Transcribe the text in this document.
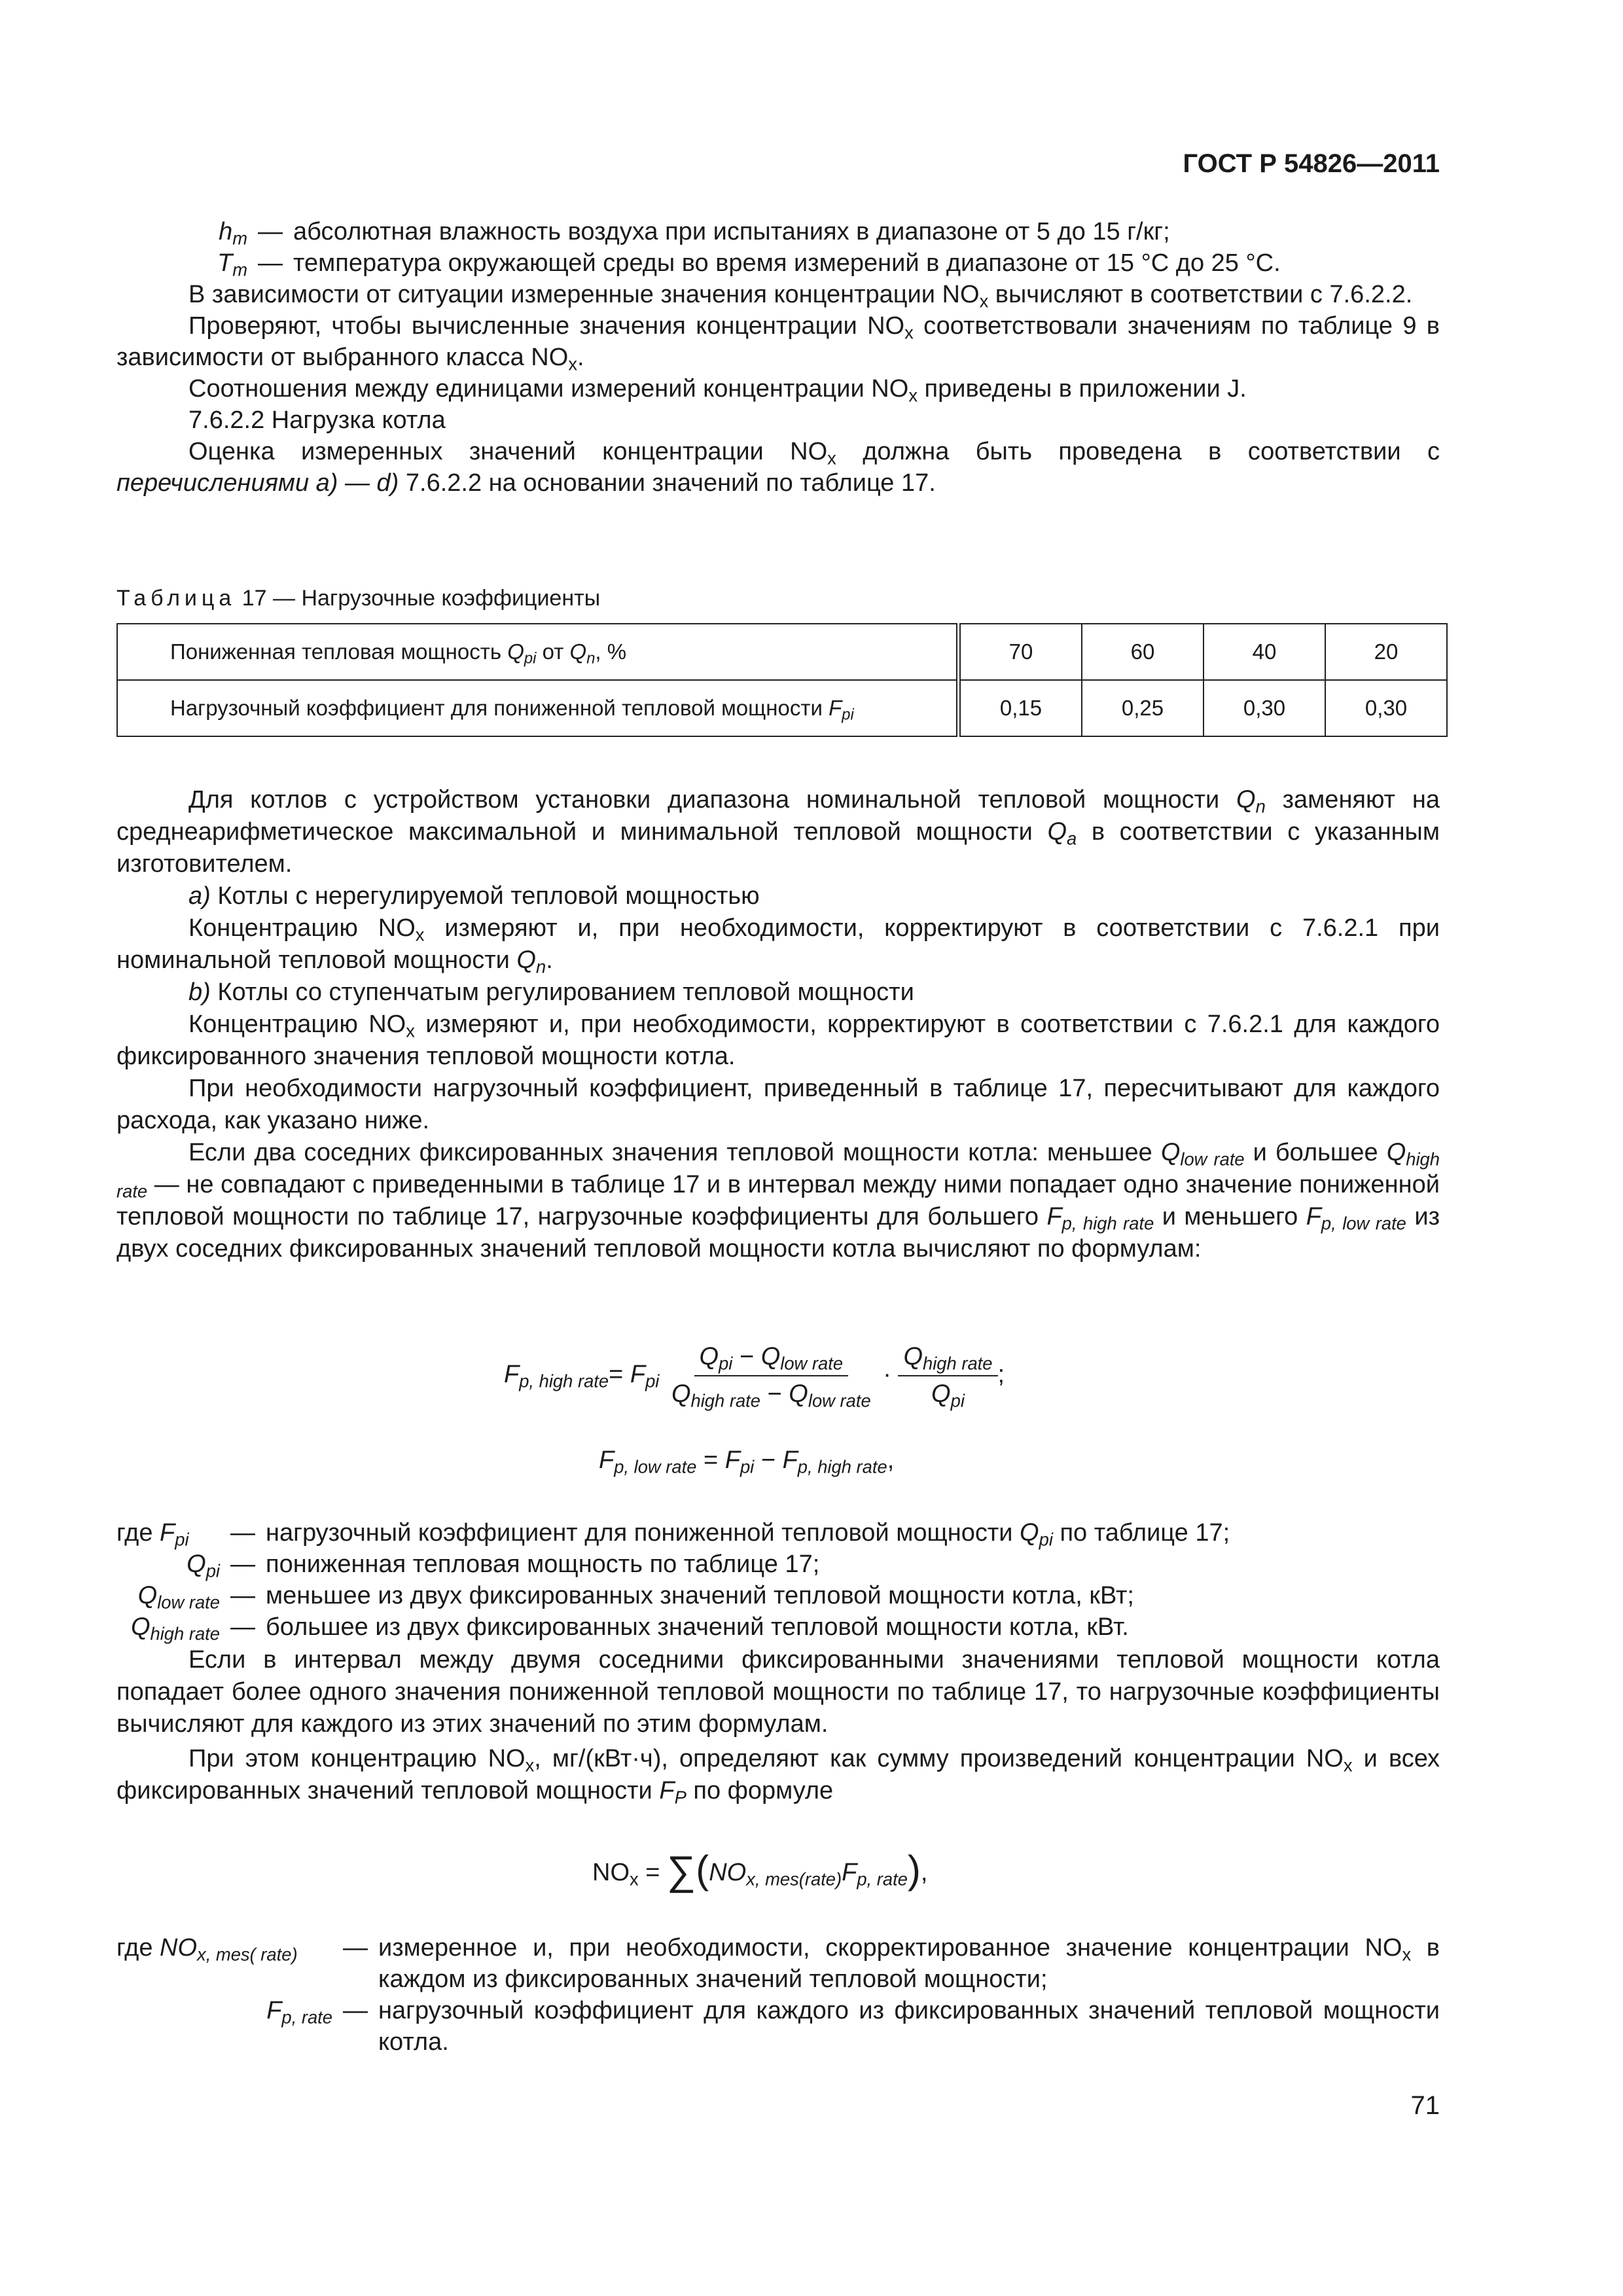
ГОСТ Р 54826—2011
$h_m$ — абсолютная влажность воздуха при испытаниях в диапазоне от 5 до 15 г/кг;
$T_m$ — температура окружающей среды во время измерений в диапазоне от 15 °С до 25 °С.
В зависимости от ситуации измеренные значения концентрации $NO_x$ вычисляют в соответствии с 7.6.2.2.
Проверяют, чтобы вычисленные значения концентрации $NO_x$ соответствовали значениям по таблице 9 в зависимости от выбранного класса $NO_x$.
Соотношения между единицами измерений концентрации $NO_x$ приведены в приложении J.
7.6.2.2 Нагрузка котла
Оценка измеренных значений концентрации $NO_x$ должна быть проведена в соответствии с перечислениями а) — d) 7.6.2.2 на основании значений по таблице 17.
Таблица 17 — Нагрузочные коэффициенты
Пониженная тепловая мощность $Q_{pi}$ от $Q_n$, %	70	60	40	20
Нагрузочный коэффициент для пониженной тепловой мощности $F_{pi}$	0,15	0,25	0,30	0,30
Для котлов с устройством установки диапазона номинальной тепловой мощности $Q_n$ заменяют на среднеарифметическое максимальной и минимальной тепловой мощности $Q_a$ в соответствии с указанным изготовителем.
а) Котлы с нерегулируемой тепловой мощностью
Концентрацию $NO_x$ измеряют и, при необходимости, корректируют в соответствии с 7.6.2.1 при номинальной тепловой мощности $Q_n$.
b) Котлы со ступенчатым регулированием тепловой мощности
Концентрацию $NO_x$ измеряют и, при необходимости, корректируют в соответствии с 7.6.2.1 для каждого фиксированного значения тепловой мощности котла.
При необходимости нагрузочный коэффициент, приведенный в таблице 17, пересчитывают для каждого расхода, как указано ниже.
Если два соседних фиксированных значения тепловой мощности котла: меньшее $Q_{low rate}$ и большее $Q_{high rate}$ — не совпадают с приведенными в таблице 17 и в интервал между ними попадает одно значение пониженной тепловой мощности по таблице 17, нагрузочные коэффициенты для большего $F_{p, high rate}$ и меньшего $F_{p, low rate}$ из двух соседних фиксированных значений тепловой мощности котла вычисляют по формулам:
$F_{p, high rate}= F_{pi} \frac{Q_{pi} - Q_{low rate}}{Q_{high rate} - Q_{low rate}} \cdot \frac{Q_{high rate}}{Q_{pi}}$ ;
$F_{p, low rate} = F_{pi} - F_{p, high rate}$,
где $F_{pi}$	— нагрузочный коэффициент для пониженной тепловой мощности $Q_{pi}$ по таблице 17;
$Q_{pi}$ — пониженная тепловая мощность по таблице 17;
$Q_{low rate}$ — меньшее из двух фиксированных значений тепловой мощности котла, кВт;
$Q_{high rate}$ — большее из двух фиксированных значений тепловой мощности котла, кВт.
Если в интервал между двумя соседними фиксированными значениями тепловой мощности котла попадает более одного значения пониженной тепловой мощности по таблице 17, то нагрузочные коэффициенты вычисляют для каждого из этих значений по этим формулам.
При этом концентрацию $NO_x$, мг/(кВт·ч), определяют как сумму произведений концентрации $NO_x$ и всех фиксированных значений тепловой мощности $F_P$ по формуле
$NO_x = \sum(NO_{x, mes(rate)}F_{p, rate})$,
где $NO_{x, mes( rate)}$	— измеренное и, при необходимости, скорректированное значение концентрации $NO_x$ в каждом из фиксированных значений тепловой мощности;
$F_{p, rate}$ — нагрузочный коэффициент для каждого из фиксированных значений тепловой мощности котла.
71
